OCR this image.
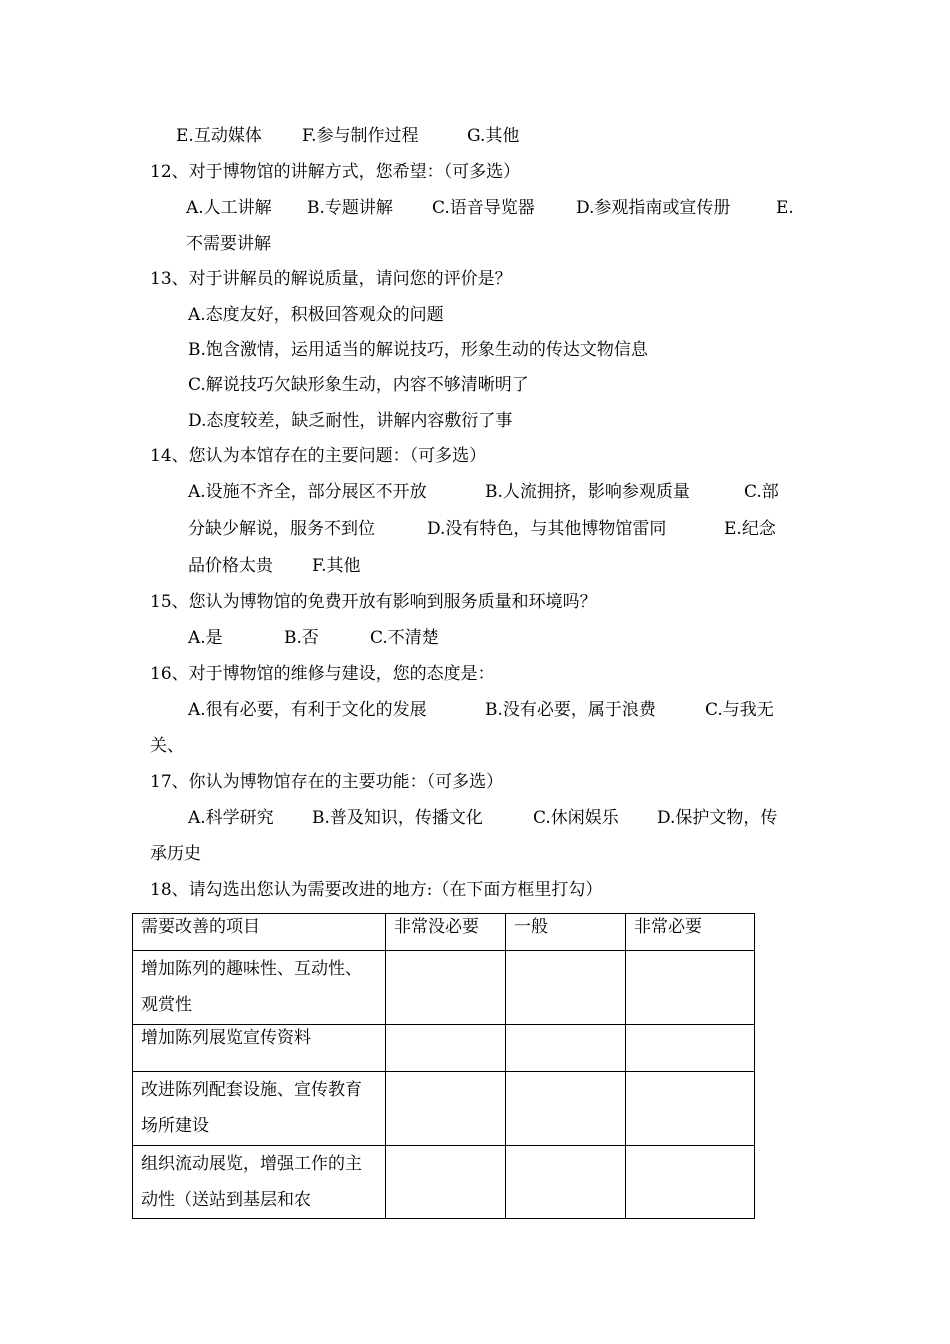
E.互动媒体 F.参与制作过程	G.其他
12、对于博物馆的讲解方式，您希望：（可多选）
A.人工讲解 B.专题讲解 C.语音导览器 D.参观指南或宣传册	E.
不需要讲解
13、对于讲解员的解说质量，请问您的评价是？
A.态度友好，积极回答观众的问题
B.饱含激情，运用适当的解说技巧，形象生动的传达文物信息
C.解说技巧欠缺形象生动，内容不够清晰明了
D.态度较差，缺乏耐性，讲解内容敷衍了事
14、您认为本馆存在的主要问题：（可多选）
A.设施不齐全，部分展区不开放	B.人流拥挤，影响参观质量	C.部
分缺少解说，服务不到位	D.没有特色，与其他博物馆雷同	E.纪念
品价格太贵 F.其他
15、您认为博物馆的免费开放有影响到服务质量和环境吗？
A.是	B.否	C.不清楚
16、对于博物馆的维修与建设，您的态度是：
A.很有必要，有利于文化的发展	B.没有必要，属于浪费	C.与我无
关、
17、你认为博物馆存在的主要功能：（可多选）
A.科学研究 B.普及知识，传播文化	C.休闲娱乐 D.保护文物，传
承历史
18、请勾选出您认为需要改进的地方:（在下面方框里打勾）
需要改善的项目	非常没必要	一般	非常必要
增加陈列的趣味性、互动性、观赏性			
增加陈列展览宣传资料			
改进陈列配套设施、宣传教育场所建设			
组织流动展览，增强工作的主动性（送站到基层和农			
